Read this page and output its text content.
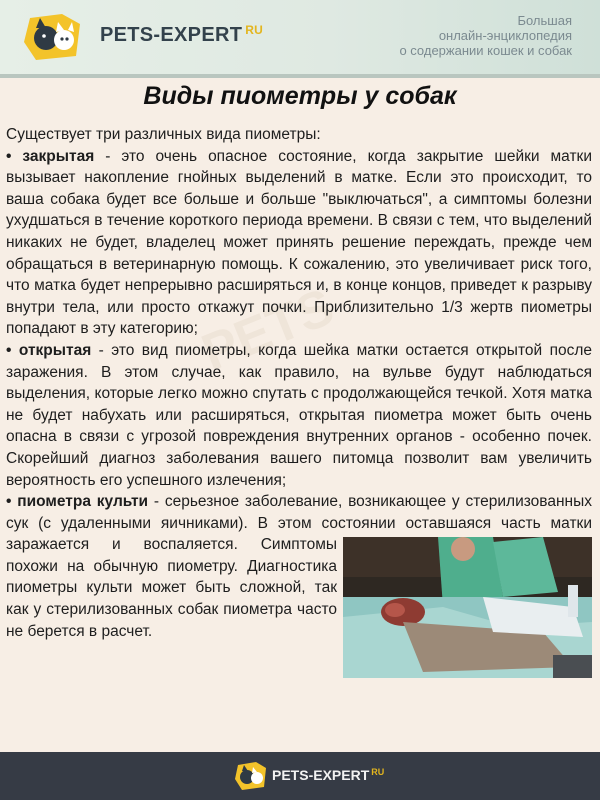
PETS-EXPERT $^{RU}$
Большая
онлайн-энциклопедия
о содержании кошек и собак
Виды пиометры у собак
PETS

Существует три различных вида пиометры:

• закрытая - это очень опасное состояние, когда закрытие шейки матки вызывает накопление гнойных выделений в матке. Если это происходит, то ваша собака будет все больше и больше "выключаться", а симптомы болезни ухудшаться в течение короткого периода времени. В связи с тем, что выделений никаких не будет, владелец может принять решение переждать, прежде чем обращаться в ветеринарную помощь. К сожалению, это увеличивает риск того, что матка будет непрерывно расширяться и, в конце концов, приведет к разрыву внутри тела, или просто откажут почки. Приблизительно 1/3 жертв пиометры попадают в эту категорию;

• открытая - это вид пиометры, когда шейка матки остается открытой после заражения. В этом случае, как правило, на вульве будут наблюдаться выделения, которые легко можно спутать с продолжающейся течкой. Хотя матка не будет набухать или расширяться, открытая пиометра может быть очень опасна в связи с угрозой повреждения внутренних органов - особенно почек. Скорейший диагноз заболевания вашего питомца позволит вам увеличить вероятность его успешного излечения;

• пиометра культи - серьезное заболевание, возникающее у стерилизованных сук (с удаленными яичниками). В этом состоянии
оставшаяся часть матки заражается и воспаляется. Симптомы похожи на обычную пиометру. Диагностика пиометры культи может быть сложной, так как у стерилизованных собак пиометра часто не берется в расчет.

PETS-EXPERT $^{RU}$
